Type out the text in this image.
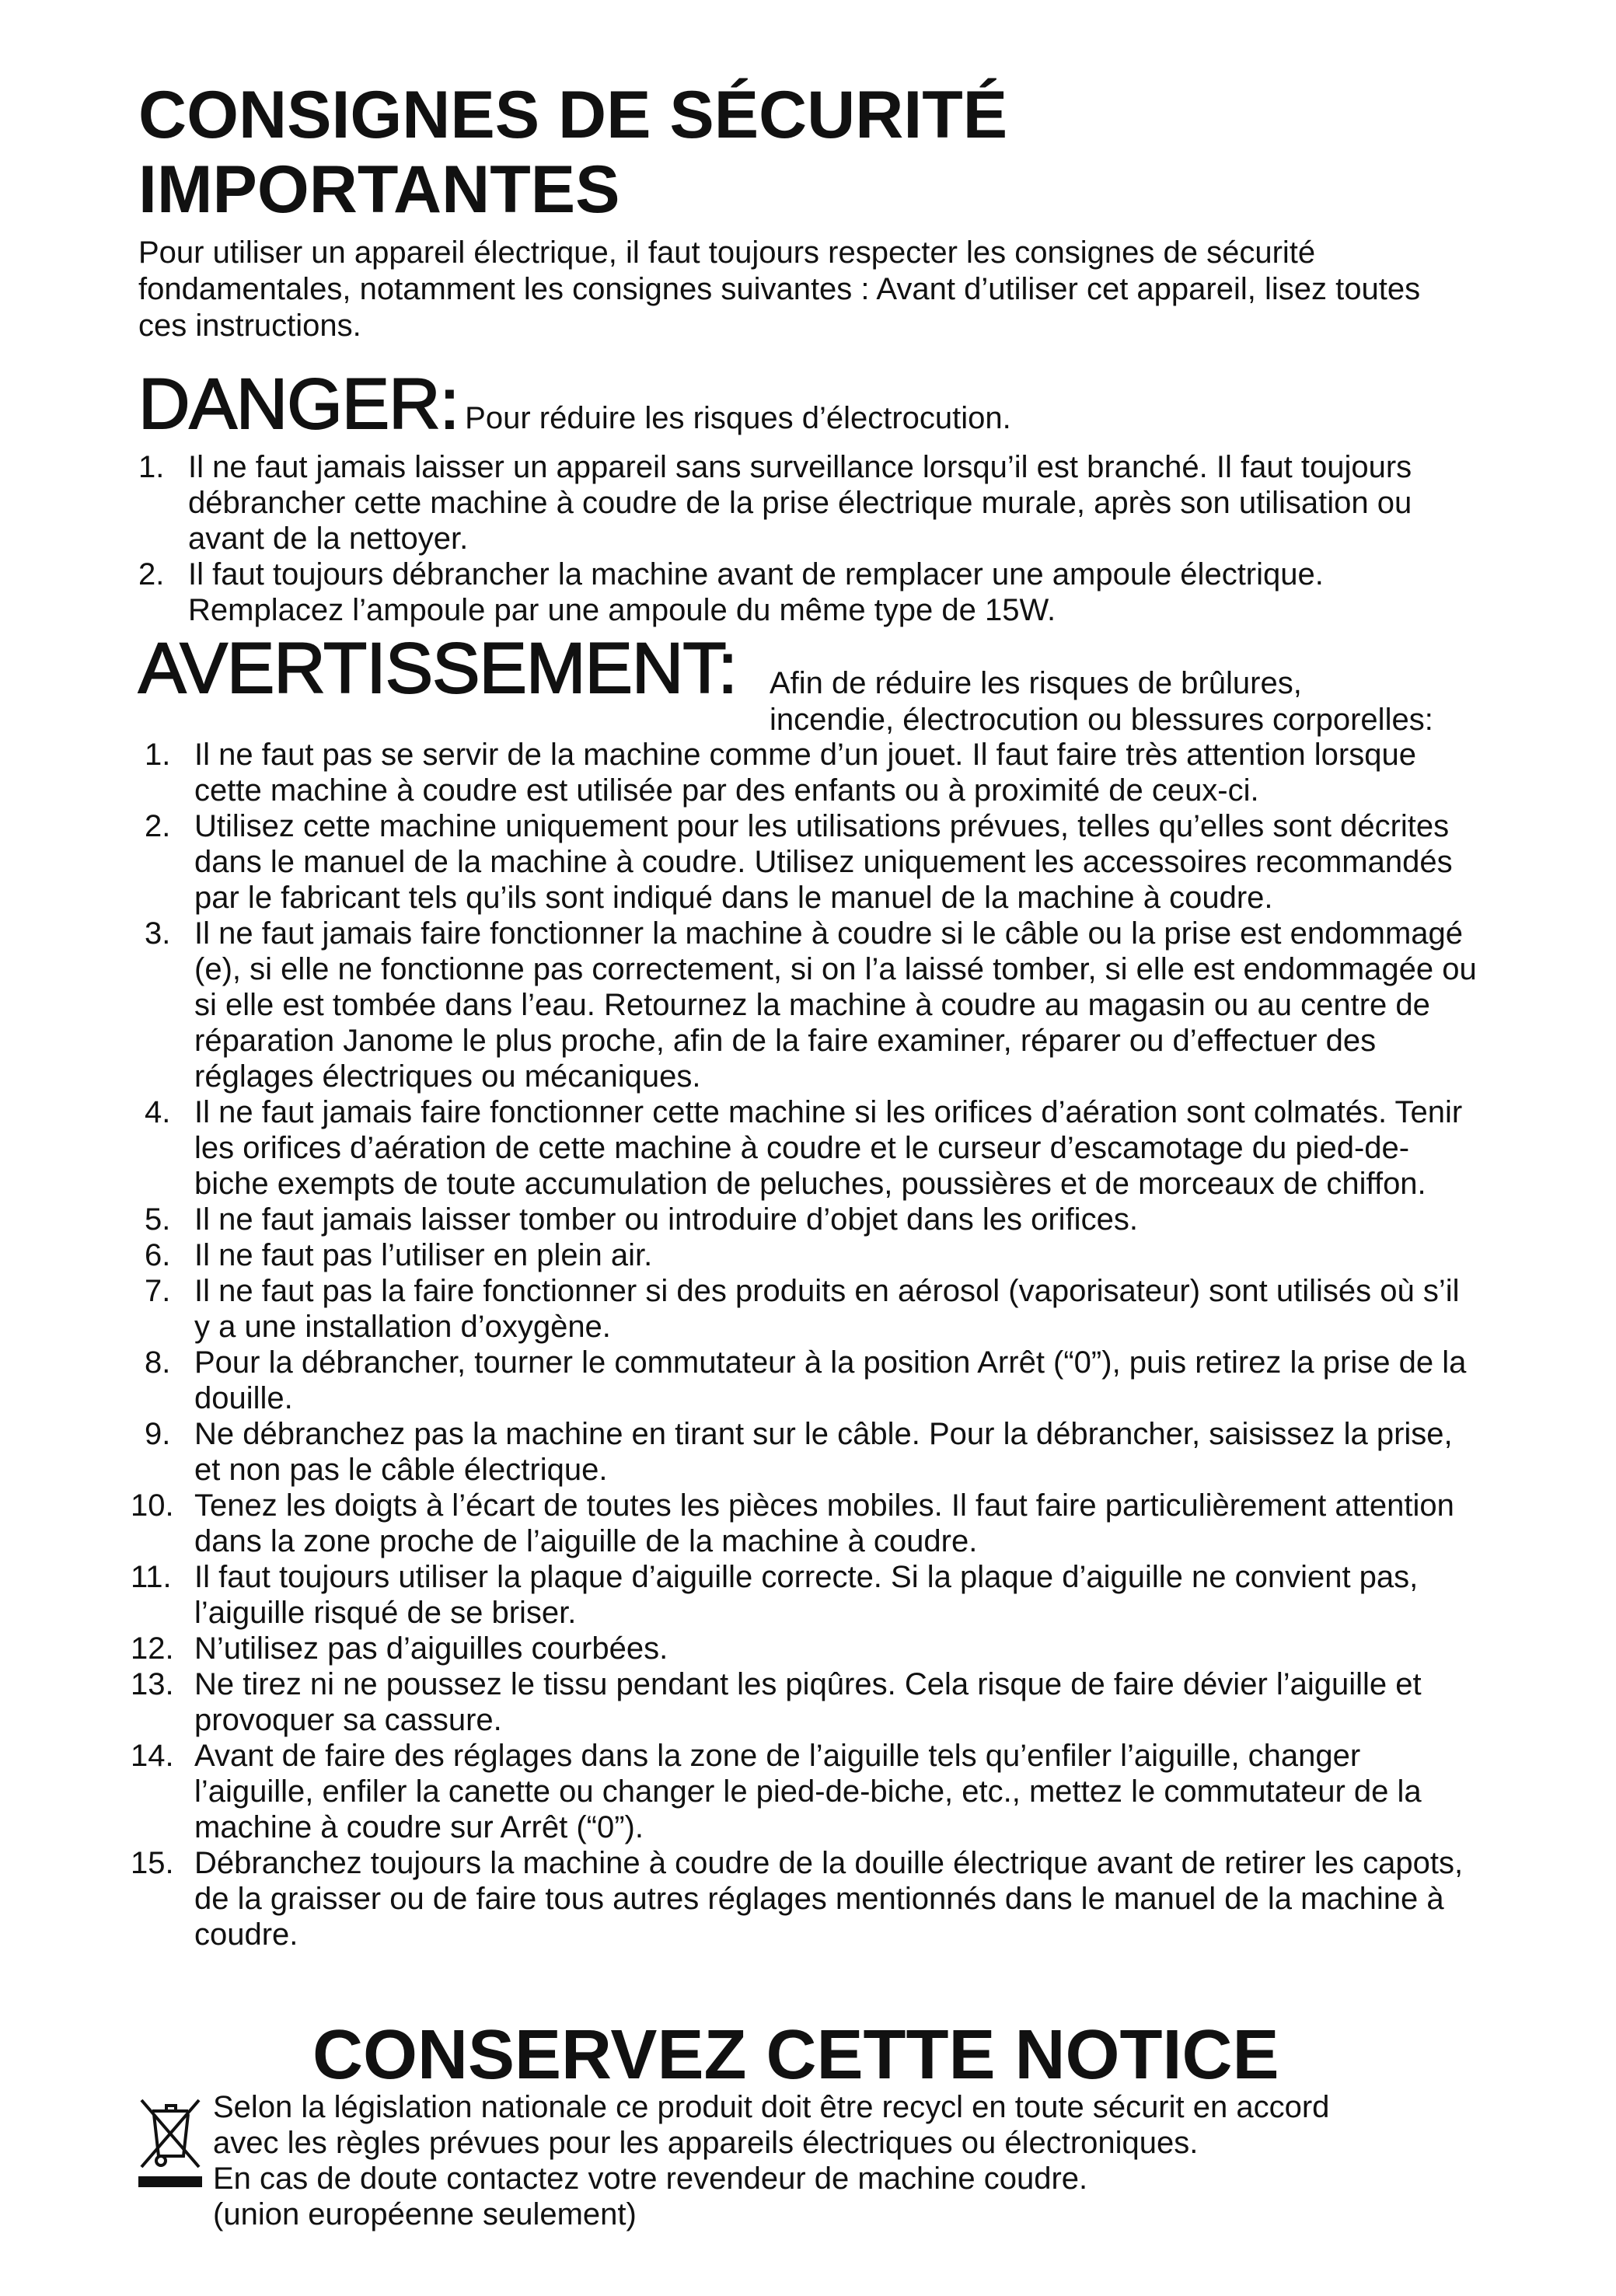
CONSIGNES DE SÉCURITÉ IMPORTANTES
Pour utiliser un appareil électrique, il faut toujours respecter les consignes de sécurité fondamentales, notamment les consignes suivantes : Avant d’utiliser cet appareil, lisez toutes ces instructions.
DANGER: Pour réduire les risques d’électrocution.
1. Il ne faut jamais laisser un appareil sans surveillance lorsqu’il est branché. Il faut toujours débrancher cette machine à coudre de la prise électrique murale, après son utilisation ou avant de la nettoyer.
2. Il faut toujours débrancher la machine avant de remplacer une ampoule électrique. Remplacez l’ampoule par une ampoule du même type de 15W.
AVERTISSEMENT: Afin de réduire les risques de brûlures,
incendie, électrocution ou blessures corporelles:
1. Il ne faut pas se servir de la machine comme d’un jouet. Il faut faire très attention lorsque cette machine à coudre est utilisée par des enfants ou à proximité de ceux-ci.
2. Utilisez cette machine uniquement pour les utilisations prévues, telles qu’elles sont décrites dans le manuel de la machine à coudre. Utilisez uniquement les accessoires recommandés par le fabricant tels qu’ils sont indiqué dans le manuel de la machine à coudre.
3. Il ne faut jamais faire fonctionner la machine à coudre si le câble ou la prise est endommagé (e), si elle ne fonctionne pas correctement, si on l’a laissé tomber, si elle est endommagée ou si elle est tombée dans l’eau. Retournez la machine à coudre au magasin ou au centre de réparation Janome le plus proche, afin de la faire examiner, réparer ou d’effectuer des réglages électriques ou mécaniques.
4. Il ne faut jamais faire fonctionner cette machine si les orifices d’aération sont colmatés. Tenir les orifices d’aération de cette machine à coudre et le curseur d’escamotage du pied-de-biche exempts de toute accumulation de peluches, poussières et de morceaux de chiffon.
5. Il ne faut jamais laisser tomber ou introduire d’objet dans les orifices.
6. Il ne faut pas l’utiliser en plein air.
7. Il ne faut pas la faire fonctionner si des produits en aérosol (vaporisateur) sont utilisés où s’il y a une installation d’oxygène.
8. Pour la débrancher, tourner le commutateur à la position Arrêt (“0”), puis retirez la prise de la douille.
9. Ne débranchez pas la machine en tirant sur le câble. Pour la débrancher, saisissez la prise, et non pas le câble électrique.
10. Tenez les doigts à l’écart de toutes les pièces mobiles. Il faut faire particulièrement attention dans la zone proche de l’aiguille de la machine à coudre.
11. Il faut toujours utiliser la plaque d’aiguille correcte. Si la plaque d’aiguille ne convient pas, l’aiguille risqué de se briser.
12. N’utilisez pas d’aiguilles courbées.
13. Ne tirez ni ne poussez le tissu pendant les piqûres. Cela risque de faire dévier l’aiguille et provoquer sa cassure.
14. Avant de faire des réglages dans la zone de l’aiguille tels qu’enfiler l’aiguille, changer l’aiguille, enfiler la canette ou changer le pied-de-biche, etc., mettez le commutateur de la machine à coudre sur Arrêt (“0”).
15. Débranchez toujours la machine à coudre de la douille électrique avant de retirer les capots, de la graisser ou de faire tous autres réglages mentionnés dans le manuel de la machine à coudre.
CONSERVEZ CETTE NOTICE
Selon la législation nationale ce produit doit être recycl en toute sécurit en accord
avec les règles prévues pour les appareils électriques ou électroniques.
En cas de doute contactez votre revendeur de machine coudre.
(union européenne seulement)
